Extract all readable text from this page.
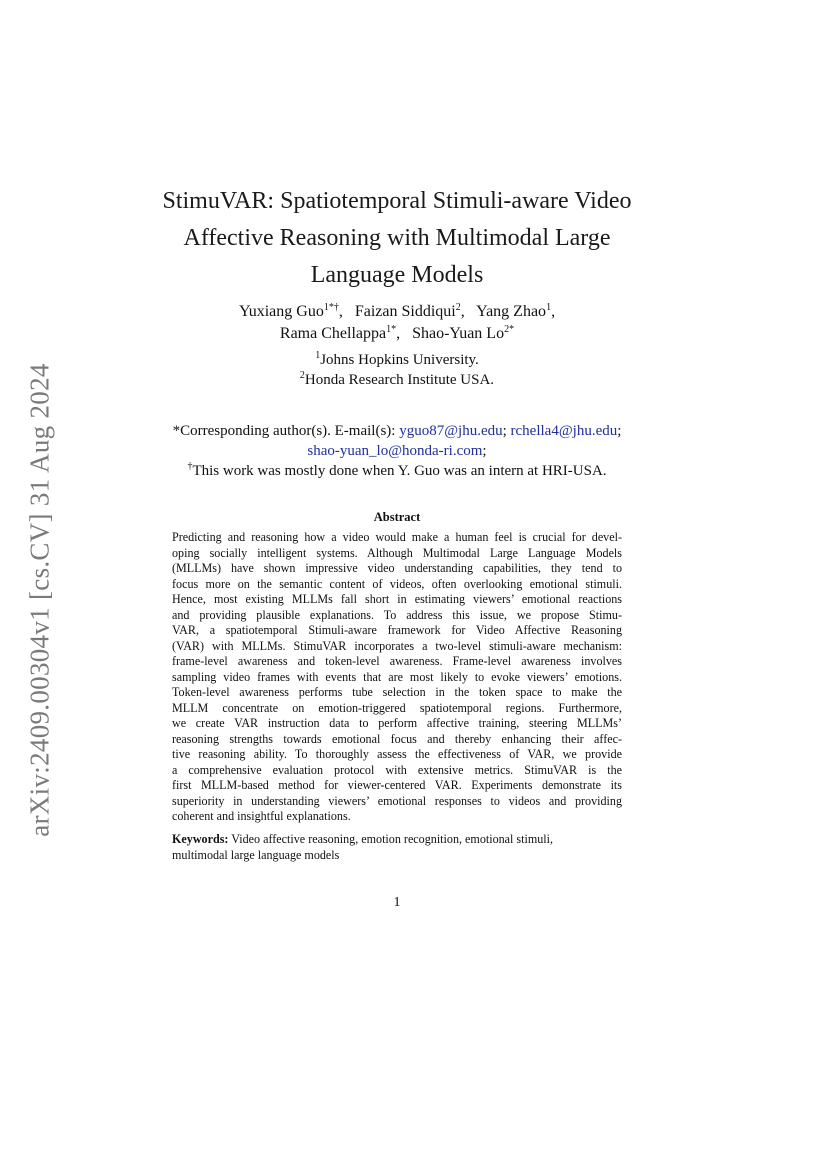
arXiv:2409.00304v1 [cs.CV] 31 Aug 2024
StimuVAR: Spatiotemporal Stimuli-aware Video
Affective Reasoning with Multimodal Large
Language Models
Yuxiang Guo$^{1*\dagger}$,   Faizan Siddiqui$^2$,   Yang Zhao$^1$,
Rama Chellappa$^{1*}$,   Shao-Yuan $Lo^{2*}$
$^1$Johns Hopkins University.
$^2$Honda Research Institute USA.
*Corresponding author(s). E-mail(s): yguo87@jhu.edu; rchella4@jhu.edu;
shao-yuan_lo@honda-ri.com;
†This work was mostly done when Y. Guo was an intern at HRI-USA.
Abstract
Predicting and reasoning how a video would make a human feel is crucial for devel-
oping socially intelligent systems. Although Multimodal Large Language Models
(MLLMs) have shown impressive video understanding capabilities, they tend to
focus more on the semantic content of videos, often overlooking emotional stimuli.
Hence, most existing MLLMs fall short in estimating viewers’ emotional reactions
and providing plausible explanations. To address this issue, we propose Stimu-
VAR, a spatiotemporal Stimuli-aware framework for Video Affective Reasoning
(VAR) with MLLMs. StimuVAR incorporates a two-level stimuli-aware mechanism:
frame-level awareness and token-level awareness. Frame-level awareness involves
sampling video frames with events that are most likely to evoke viewers’ emotions.
Token-level awareness performs tube selection in the token space to make the
MLLM concentrate on emotion-triggered spatiotemporal regions. Furthermore,
we create VAR instruction data to perform affective training, steering MLLMs’
reasoning strengths towards emotional focus and thereby enhancing their affec-
tive reasoning ability. To thoroughly assess the effectiveness of VAR, we provide
a comprehensive evaluation protocol with extensive metrics. StimuVAR is the
first MLLM-based method for viewer-centered VAR. Experiments demonstrate its
superiority in understanding viewers’ emotional responses to videos and providing
coherent and insightful explanations.
Keywords: Video affective reasoning, emotion recognition, emotional stimuli,
multimodal large language models
1
